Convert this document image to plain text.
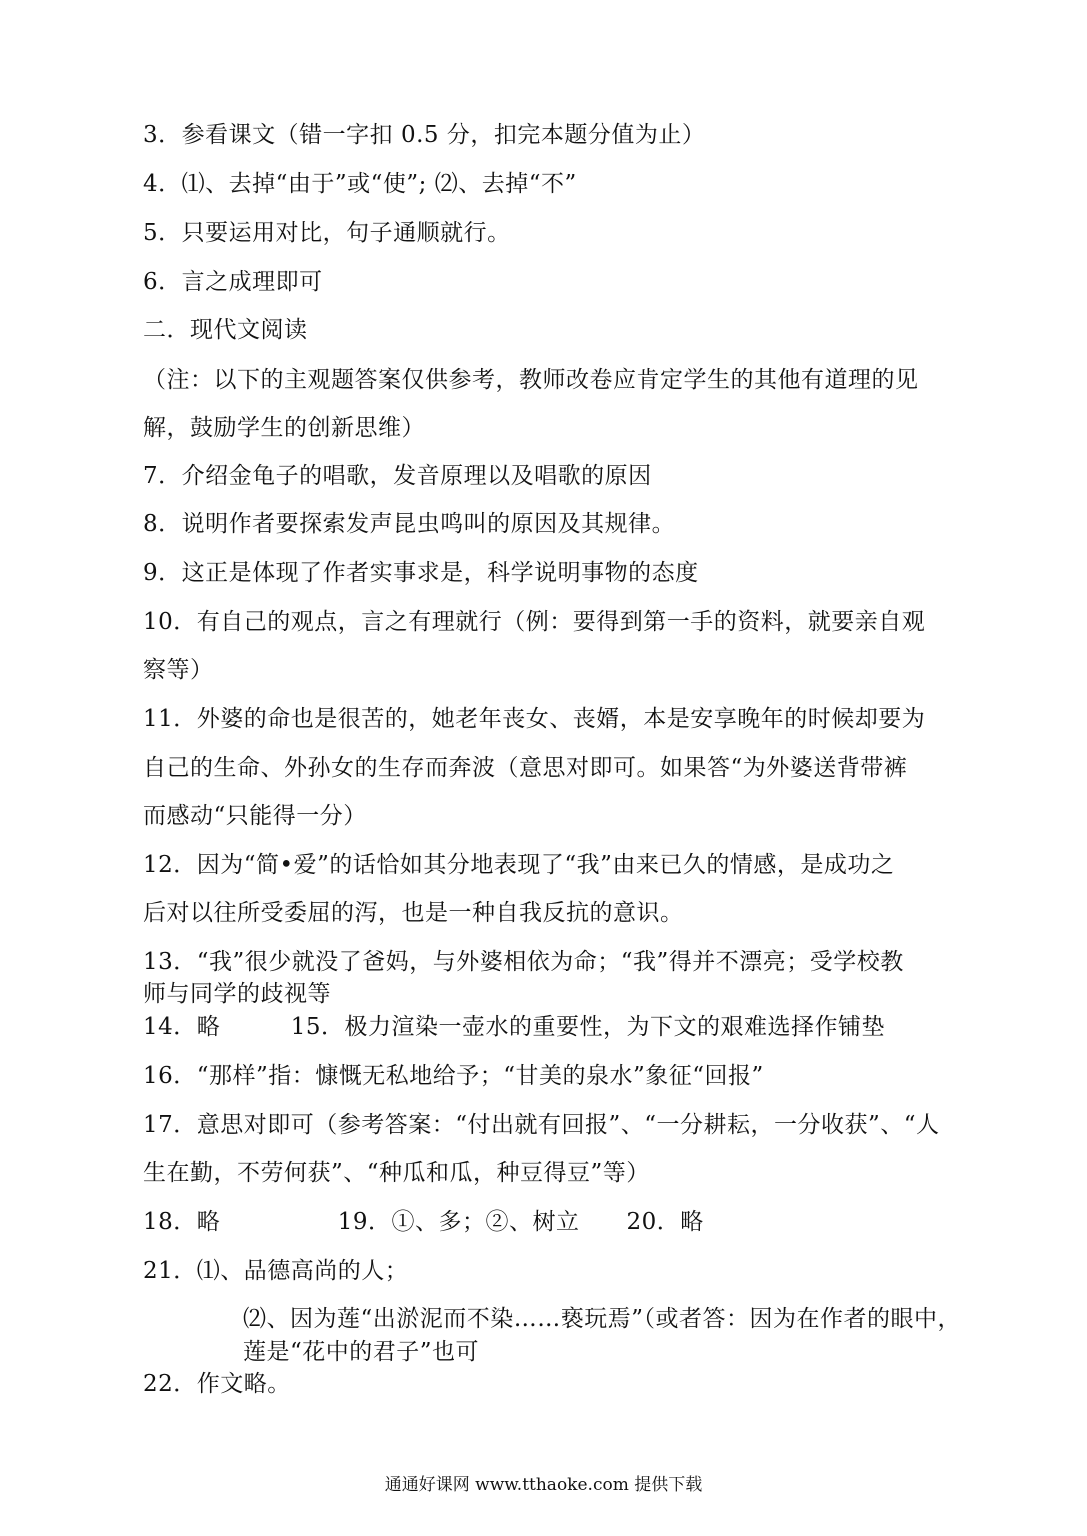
3．参看课文（错一字扣 0.5 分，扣完本题分值为止）

4．⑴、去掉“由于”或“使”; ⑵、去掉“不”

5．只要运用对比，句子通顺就行。

6．言之成理即可

二．现代文阅读

（注：以下的主观题答案仅供参考，教师改卷应肯定学生的其他有道理的见

解，鼓励学生的创新思维）

7．介绍金龟子的唱歌，发音原理以及唱歌的原因

8．说明作者要探索发声昆虫鸣叫的原因及其规律。

9．这正是体现了作者实事求是，科学说明事物的态度

10．有自己的观点，言之有理就行（例：要得到第一手的资料，就要亲自观

察等）

11．外婆的命也是很苦的，她老年丧女、丧婿，本是安享晚年的时候却要为

自己的生命、外孙女的生存而奔波（意思对即可。如果答“为外婆送背带裤

而感动“只能得一分）

12．因为“简•爱”的话恰如其分地表现了“我”由来已久的情感，是成功之

后对以往所受委屈的泻，也是一种自我反抗的意识。

13．“我”很少就没了爸妈，与外婆相依为命；“我”得并不漂亮；受学校教

师与同学的歧视等

14．略　　　15．极力渲染一壶水的重要性，为下文的艰难选择作铺垫

16．“那样”指：慷慨无私地给予；“甘美的泉水”象征“回报”

17．意思对即可（参考答案：“付出就有回报”、“一分耕耘，一分收获”、“人

生在勤，不劳何获”、“种瓜和瓜，种豆得豆”等）

18．略　　　　　19．①、多；②、树立　　20．略

21．⑴、品德高尚的人；

⑵、因为莲“出淤泥而不染……亵玩焉”（或者答：因为在作者的眼中，

莲是“花中的君子”也可

22．作文略。

通通好课网 www.tthaoke.com 提供下载
